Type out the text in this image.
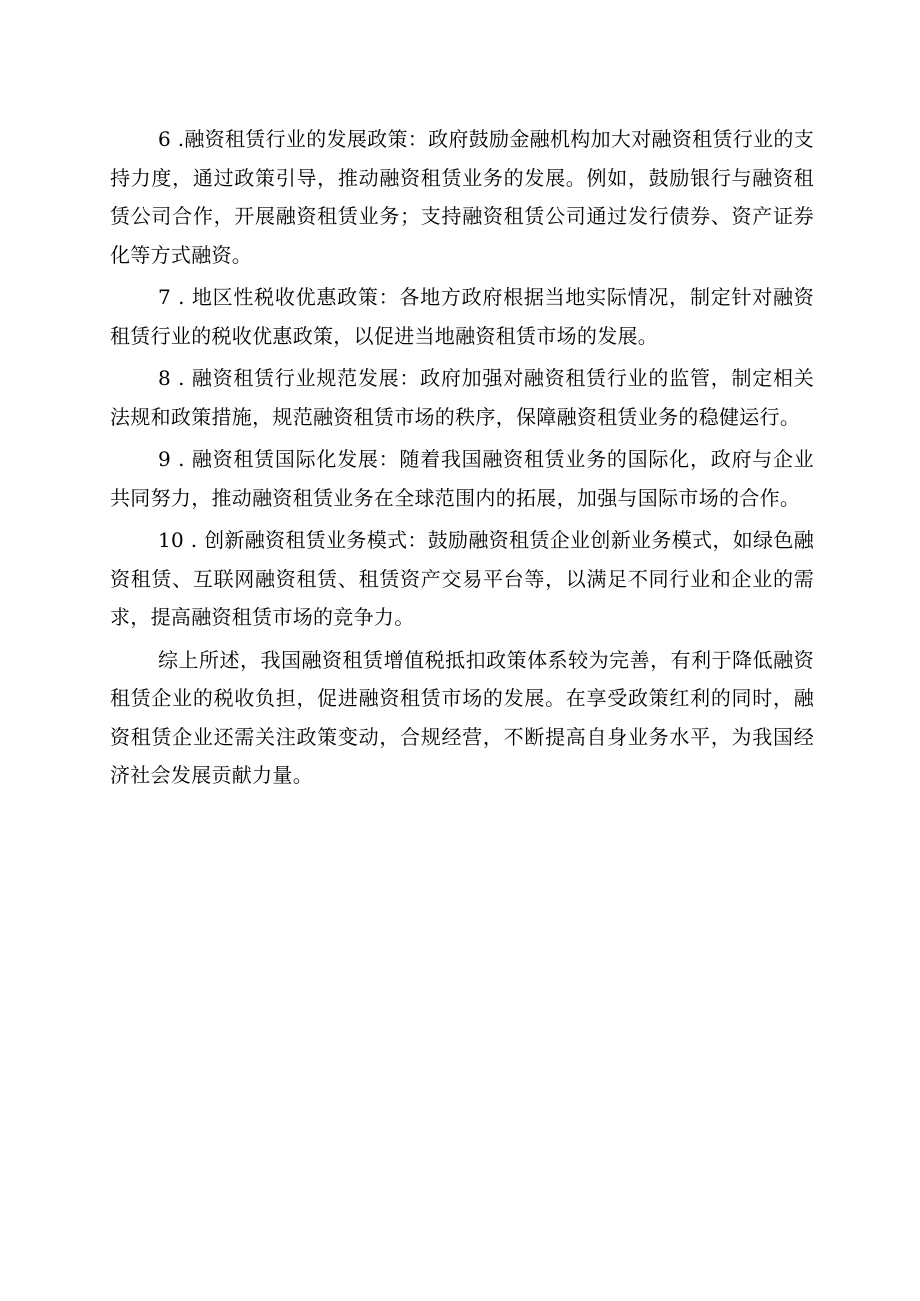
6 .融资租赁行业的发展政策：政府鼓励金融机构加大对融资租赁行业的支持力度，通过政策引导，推动融资租赁业务的发展。例如，鼓励银行与融资租赁公司合作，开展融资租赁业务；支持融资租赁公司通过发行债券、资产证券化等方式融资。

7 . 地区性税收优惠政策：各地方政府根据当地实际情况，制定针对融资租赁行业的税收优惠政策，以促进当地融资租赁市场的发展。

8 . 融资租赁行业规范发展：政府加强对融资租赁行业的监管，制定相关法规和政策措施，规范融资租赁市场的秩序，保障融资租赁业务的稳健运行。

9 . 融资租赁国际化发展：随着我国融资租赁业务的国际化，政府与企业共同努力，推动融资租赁业务在全球范围内的拓展，加强与国际市场的合作。

10 . 创新融资租赁业务模式：鼓励融资租赁企业创新业务模式，如绿色融资租赁、互联网融资租赁、租赁资产交易平台等，以满足不同行业和企业的需求，提高融资租赁市场的竞争力。

综上所述，我国融资租赁增值税抵扣政策体系较为完善，有利于降低融资租赁企业的税收负担，促进融资租赁市场的发展。在享受政策红利的同时，融资租赁企业还需关注政策变动，合规经营，不断提高自身业务水平，为我国经济社会发展贡献力量。
